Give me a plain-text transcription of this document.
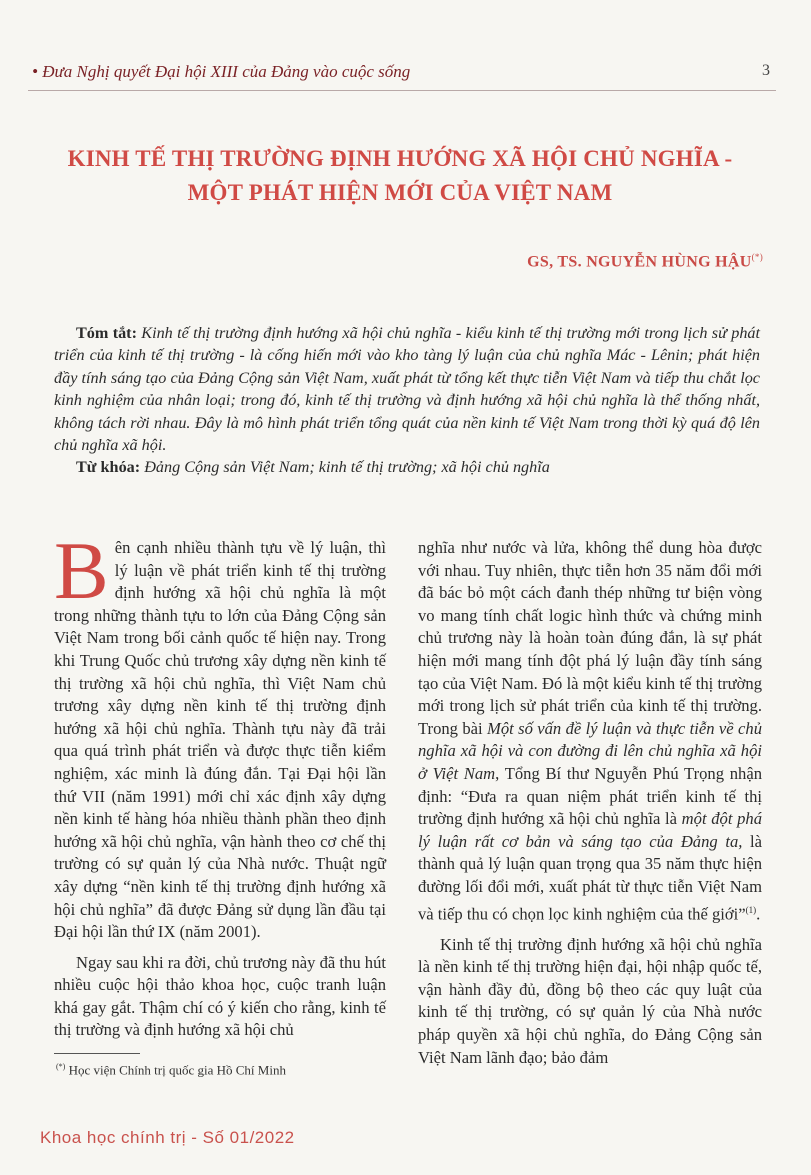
• Đưa Nghị quyết Đại hội XIII của Đảng vào cuộc sống	3
KINH TẾ THỊ TRƯỜNG ĐỊNH HƯỚNG XÃ HỘI CHỦ NGHĨA -
MỘT PHÁT HIỆN MỚI CỦA VIỆT NAM
GS, TS. NGUYỄN HÙNG HẬU(*)

Tóm tắt: Kinh tế thị trường định hướng xã hội chủ nghĩa - kiểu kinh tế thị trường mới trong lịch sử phát triển của kinh tế thị trường - là cống hiến mới vào kho tàng lý luận của chủ nghĩa Mác - Lênin; phát hiện đầy tính sáng tạo của Đảng Cộng sản Việt Nam, xuất phát từ tổng kết thực tiễn Việt Nam và tiếp thu chắt lọc kinh nghiệm của nhân loại; trong đó, kinh tế thị trường và định hướng xã hội chủ nghĩa là thể thống nhất, không tách rời nhau. Đây là mô hình phát triển tổng quát của nền kinh tế Việt Nam trong thời kỳ quá độ lên chủ nghĩa xã hội.

Từ khóa: Đảng Cộng sản Việt Nam; kinh tế thị trường; xã hội chủ nghĩa

Bên cạnh nhiều thành tựu về lý luận, thì lý luận về phát triển kinh tế thị trường định hướng xã hội chủ nghĩa là một trong những thành tựu to lớn của Đảng Cộng sản Việt Nam trong bối cảnh quốc tế hiện nay. Trong khi Trung Quốc chủ trương xây dựng nền kinh tế thị trường xã hội chủ nghĩa, thì Việt Nam chủ trương xây dựng nền kinh tế thị trường định hướng xã hội chủ nghĩa. Thành tựu này đã trải qua quá trình phát triển và được thực tiễn kiểm nghiệm, xác minh là đúng đắn. Tại Đại hội lần thứ VII (năm 1991) mới chỉ xác định xây dựng nền kinh tế hàng hóa nhiều thành phần theo định hướng xã hội chủ nghĩa, vận hành theo cơ chế thị trường có sự quản lý của Nhà nước. Thuật ngữ xây dựng “nền kinh tế thị trường định hướng xã hội chủ nghĩa” đã được Đảng sử dụng lần đầu tại Đại hội lần thứ IX (năm 2001).

Ngay sau khi ra đời, chủ trương này đã thu hút nhiều cuộc hội thảo khoa học, cuộc tranh luận khá gay gắt. Thậm chí có ý kiến cho rằng, kinh tế thị trường và định hướng xã hội chủ

nghĩa như nước và lửa, không thể dung hòa được với nhau. Tuy nhiên, thực tiễn hơn 35 năm đổi mới đã bác bỏ một cách đanh thép những tư biện vòng vo mang tính chất logic hình thức và chứng minh chủ trương này là hoàn toàn đúng đắn, là sự phát hiện mới mang tính đột phá lý luận đầy tính sáng tạo của Việt Nam. Đó là một kiểu kinh tế thị trường mới trong lịch sử phát triển của kinh tế thị trường. Trong bài Một số vấn đề lý luận và thực tiễn về chủ nghĩa xã hội và con đường đi lên chủ nghĩa xã hội ở Việt Nam, Tổng Bí thư Nguyễn Phú Trọng nhận định: “Đưa ra quan niệm phát triển kinh tế thị trường định hướng xã hội chủ nghĩa là một đột phá lý luận rất cơ bản và sáng tạo của Đảng ta, là thành quả lý luận quan trọng qua 35 năm thực hiện đường lối đổi mới, xuất phát từ thực tiễn Việt Nam và tiếp thu có chọn lọc kinh nghiệm của thế giới”$^{(1)}$.

Kinh tế thị trường định hướng xã hội chủ nghĩa là nền kinh tế thị trường hiện đại, hội nhập quốc tế, vận hành đầy đủ, đồng bộ theo các quy luật của kinh tế thị trường, có sự quản lý của Nhà nước pháp quyền xã hội chủ nghĩa, do Đảng Cộng sản Việt Nam lãnh đạo; bảo đảm

(*) Học viện Chính trị quốc gia Hồ Chí Minh
Khoa học chính trị - Số 01/2022
